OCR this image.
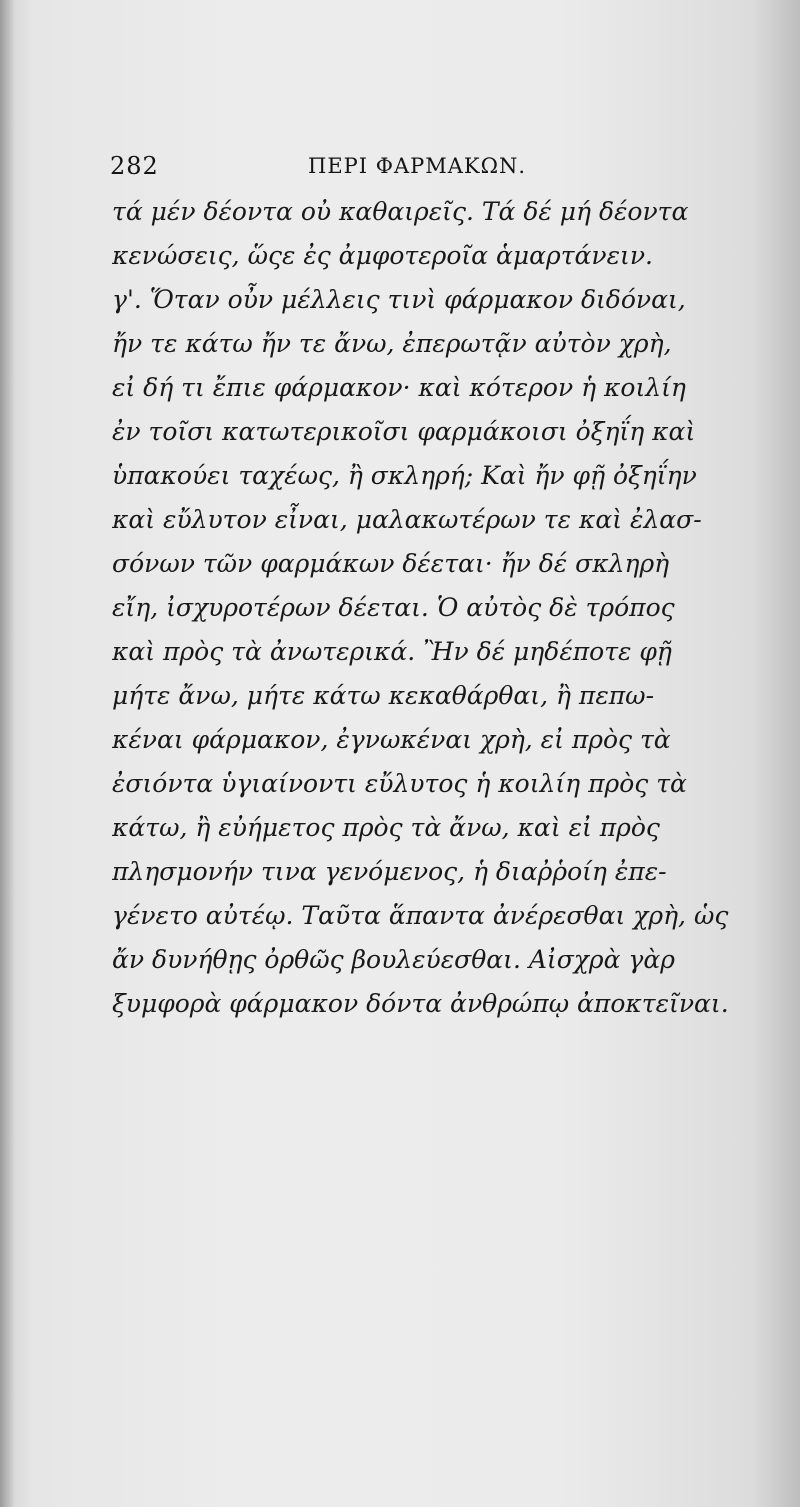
282	ΠΕΡΙ ΦΑΡΜΑΚΩΝ.
τά μέν δέοντα οὐ καθαιρεῖς. Τά δέ μή δέοντα
κενώσεις, ὥςε ἐς ἀμφοτεροῖα ἁμαρτάνειν.
γ'. Ὅταν οὖν μέλλεις τινὶ φάρμακον διδόναι,
ἤν τε κάτω ἤν τε ἄνω, ἐπερωτᾷν αὐτὸν χρὴ,
εἰ δή τι ἔπιε φάρμακον· καὶ κότερον ἡ κοιλίη
ἐν τοῖσι κατωτερικοῖσι φαρμάκοισι ὀξηΐη καὶ
ὑπακούει ταχέως, ἢ σκληρή; Καὶ ἤν φῇ ὀξηΐην
καὶ εὔλυτον εἶναι, μαλακωτέρων τε καὶ ἐλασ-
σόνων τῶν φαρμάκων δέεται· ἤν δέ σκληρὴ
εἴη, ἰσχυροτέρων δέεται. Ὁ αὐτὸς δὲ τρόπος
καὶ πρὸς τὰ ἀνωτερικά. Ἢν δέ μηδέποτε φῇ
μήτε ἄνω, μήτε κάτω κεκαθάρθαι, ἢ πεπω-
κέναι φάρμακον, ἐγνωκέναι χρὴ, εἰ πρὸς τὰ
ἐσιόντα ὑγιαίνοντι εὔλυτος ἡ κοιλίη πρὸς τὰ
κάτω, ἢ εὐήμετος πρὸς τὰ ἄνω, καὶ εἰ πρὸς
πλησμονήν τινα γενόμενος, ἡ διαῤῥοίη ἐπε-
γένετο αὐτέῳ. Ταῦτα ἅπαντα ἀνέρεσθαι χρὴ, ὡς
ἄν δυνήθῃς ὀρθῶς βουλεύεσθαι. Αἰσχρὰ γὰρ
ξυμφορὰ φάρμακον δόντα ἀνθρώπῳ ἀποκτεῖναι.
